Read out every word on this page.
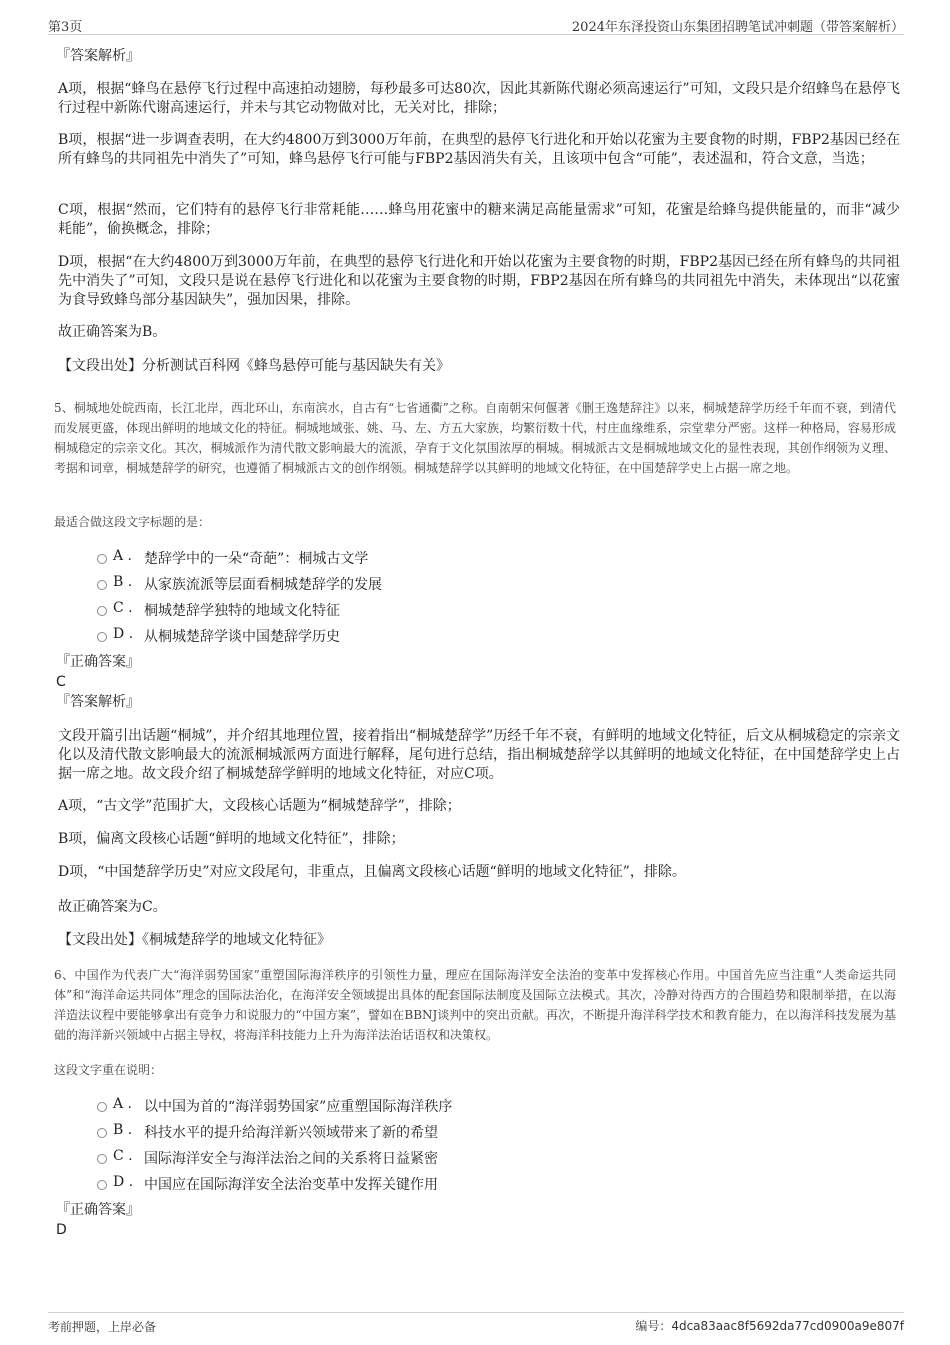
第3页	2024年东泽投资山东集团招聘笔试冲刺题（带答案解析）

『答案解析』

A项，根据“蜂鸟在悬停飞行过程中高速拍动翅膀，每秒最多可达80次，因此其新陈代谢必须高速运行”可知，文段只是介绍蜂鸟在悬停飞行过程中新陈代谢高速运行，并未与其它动物做对比，无关对比，排除；

B项，根据“进一步调查表明，在大约4800万到3000万年前，在典型的悬停飞行进化和开始以花蜜为主要食物的时期，FBP2基因已经在所有蜂鸟的共同祖先中消失了”可知，蜂鸟悬停飞行可能与FBP2基因消失有关，且该项中包含“可能”，表述温和，符合文意，当选；

C项，根据“然而，它们特有的悬停飞行非常耗能……蜂鸟用花蜜中的糖来满足高能量需求”可知，花蜜是给蜂鸟提供能量的，而非“减少耗能”，偷换概念，排除；

D项，根据“在大约4800万到3000万年前，在典型的悬停飞行进化和开始以花蜜为主要食物的时期，FBP2基因已经在所有蜂鸟的共同祖先中消失了”可知，文段只是说在悬停飞行进化和以花蜜为主要食物的时期，FBP2基因在所有蜂鸟的共同祖先中消失，未体现出“以花蜜为食导致蜂鸟部分基因缺失”，强加因果，排除。

故正确答案为B。

【文段出处】分析测试百科网《蜂鸟悬停可能与基因缺失有关》

5、桐城地处皖西南，长江北岸，西北环山，东南滨水，自古有“七省通衢”之称。自南朝宋何偃著《删王逸楚辞注》以来，桐城楚辞学历经千年而不衰，到清代而发展更盛，体现出鲜明的地域文化的特征。桐城地域张、姚、马、左、方五大家族，均繁衍数十代，村庄血缘维系，宗堂辈分严密。这样一种格局，容易形成桐城稳定的宗亲文化。其次，桐城派作为清代散文影响最大的流派，孕育于文化氛围浓厚的桐城。桐城派古文是桐城地域文化的显性表现，其创作纲领为义理、考据和词章，桐城楚辞学的研究，也遵循了桐城派古文的创作纲领。桐城楚辞学以其鲜明的地域文化特征，在中国楚辞学史上占据一席之地。

最适合做这段文字标题的是：

A . 楚辞学中的一朵“奇葩”：桐城古文学
B . 从家族流派等层面看桐城楚辞学的发展
C . 桐城楚辞学独特的地域文化特征
D . 从桐城楚辞学谈中国楚辞学历史

『正确答案』

C

『答案解析』

文段开篇引出话题“桐城”，并介绍其地理位置，接着指出“桐城楚辞学”历经千年不衰，有鲜明的地域文化特征，后文从桐城稳定的宗亲文化以及清代散文影响最大的流派桐城派两方面进行解释，尾句进行总结，指出桐城楚辞学以其鲜明的地域文化特征，在中国楚辞学史上占据一席之地。故文段介绍了桐城楚辞学鲜明的地域文化特征，对应C项。

A项，“古文学”范围扩大，文段核心话题为“桐城楚辞学”，排除；

B项，偏离文段核心话题“鲜明的地域文化特征”，排除；

D项，“中国楚辞学历史”对应文段尾句，非重点，且偏离文段核心话题“鲜明的地域文化特征”，排除。

故正确答案为C。

【文段出处】《桐城楚辞学的地域文化特征》

6、中国作为代表广大“海洋弱势国家”重塑国际海洋秩序的引领性力量，理应在国际海洋安全法治的变革中发挥核心作用。中国首先应当注重“人类命运共同体”和“海洋命运共同体”理念的国际法治化，在海洋安全领域提出具体的配套国际法制度及国际立法模式。其次，冷静对待西方的合围趋势和限制举措，在以海洋造法议程中要能够拿出有竞争力和说服力的“中国方案”，譬如在BBNJ谈判中的突出贡献。再次，不断提升海洋科学技术和教育能力，在以海洋科技发展为基础的海洋新兴领域中占据主导权，将海洋科技能力上升为海洋法治话语权和决策权。

这段文字重在说明：

A . 以中国为首的“海洋弱势国家”应重塑国际海洋秩序
B . 科技水平的提升给海洋新兴领域带来了新的希望
C . 国际海洋安全与海洋法治之间的关系将日益紧密
D . 中国应在国际海洋安全法治变革中发挥关键作用

『正确答案』

D

考前押题，上岸必备	编号：4dca83aac8f5692da77cd0900a9e807f
